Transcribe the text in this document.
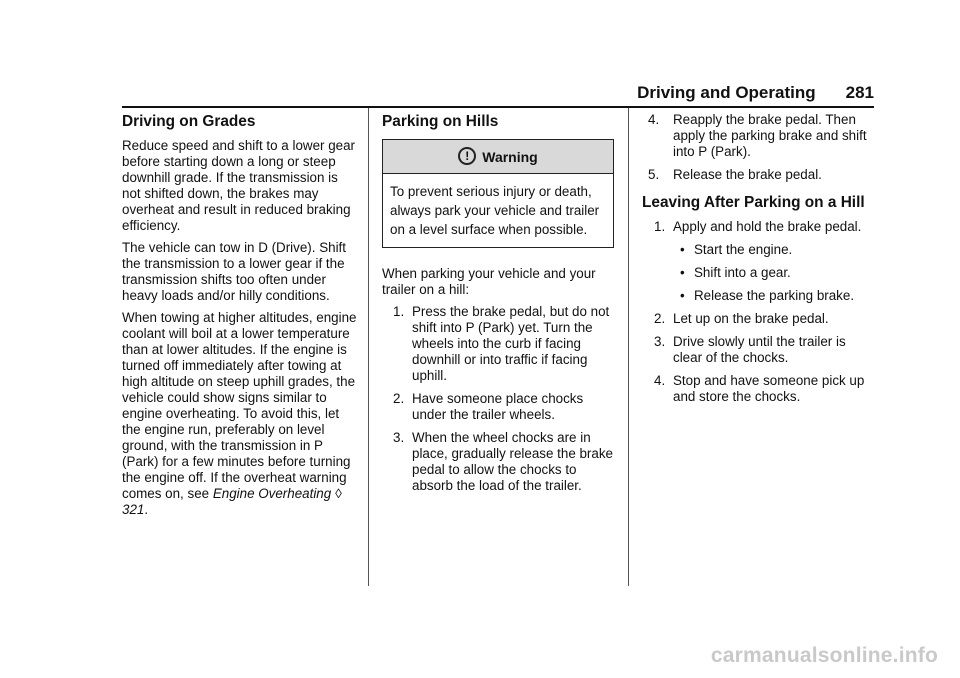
Driving and Operating 281
Driving on Grades

Reduce speed and shift to a lower gear before starting down a long or steep downhill grade. If the transmission is not shifted down, the brakes may overheat and result in reduced braking efficiency.

The vehicle can tow in D (Drive). Shift the transmission to a lower gear if the transmission shifts too often under heavy loads and/or hilly conditions.

When towing at higher altitudes, engine coolant will boil at a lower temperature than at lower altitudes. If the engine is turned off immediately after towing at high altitude on steep uphill grades, the vehicle could show signs similar to engine overheating. To avoid this, let the engine run, preferably on level ground, with the transmission in P (Park) for a few minutes before turning the engine off. If the overheat warning comes on, see Engine Overheating ◊ 321.

Parking on Hills
! Warning
To prevent serious injury or death, always park your vehicle and trailer on a level surface when possible.

When parking your vehicle and your trailer on a hill:

1. Press the brake pedal, but do not shift into P (Park) yet. Turn the wheels into the curb if facing downhill or into traffic if facing uphill.
2. Have someone place chocks under the trailer wheels.
3. When the wheel chocks are in place, gradually release the brake pedal to allow the chocks to absorb the load of the trailer.
4. Reapply the brake pedal. Then apply the parking brake and shift into P (Park).
5. Release the brake pedal.
Leaving After Parking on a Hill
1. Apply and hold the brake pedal.
• Start the engine.
• Shift into a gear.
• Release the parking brake.
2. Let up on the brake pedal.
3. Drive slowly until the trailer is clear of the chocks.
4. Stop and have someone pick up and store the chocks.
carmanualsonline.info
